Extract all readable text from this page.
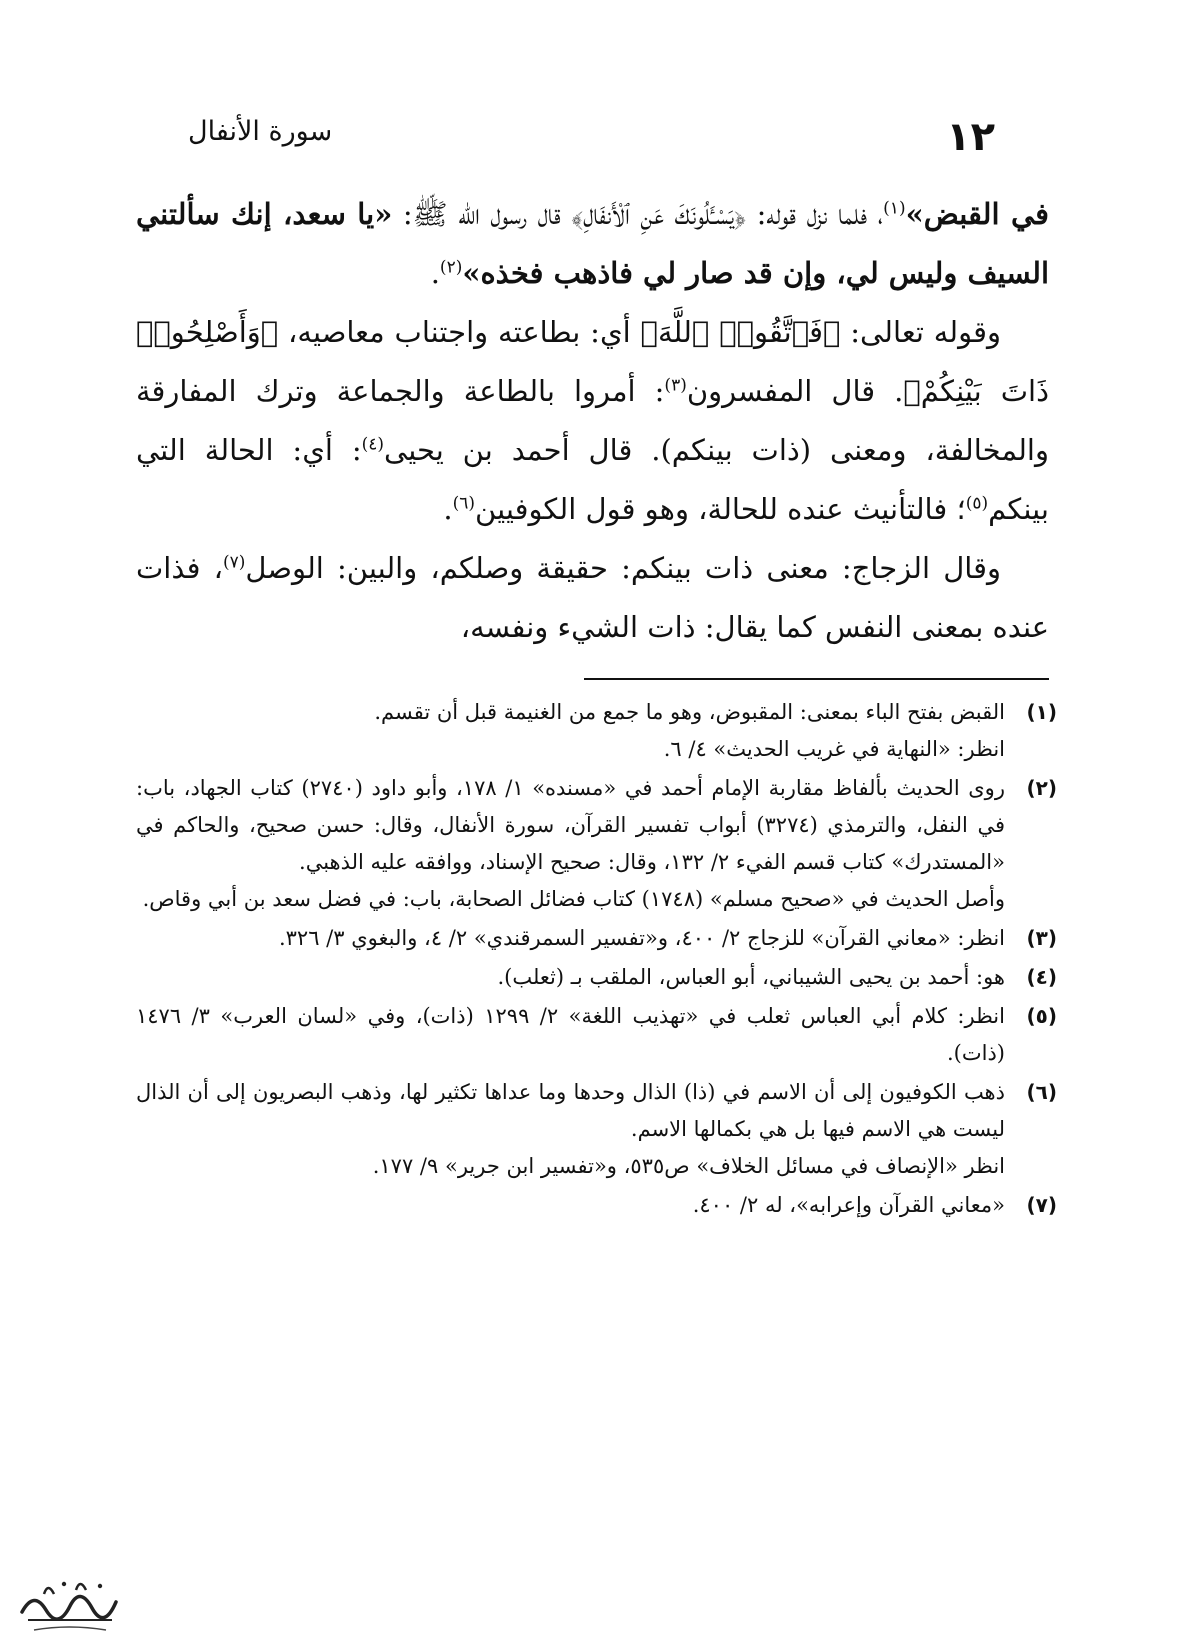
١٢
سورة الأنفال

في القبض»$^{(١)}$، فلما نزل قوله: ﴿يَسْـَٔلُونَكَ عَنِ ٱلْأَنفَالِ﴾ قال رسول الله ﷺ: «يا سعد، إنك سألتني السيف وليس لي، وإن قد صار لي فاذهب فخذه»$^{(٢)}$.

وقوله تعالى: ﴿فَٱتَّقُوا۟ ٱللَّهَ﴾ أي: بطاعته واجتناب معاصيه، ﴿وَأَصْلِحُوا۟ ذَاتَ بَيْنِكُمْ﴾. قال المفسرون$^{(٣)}$: أمروا بالطاعة والجماعة وترك المفارقة والمخالفة، ومعنى (ذات بينكم). قال أحمد بن يحيى$^{(٤)}$: أي: الحالة التي بينكم$^{(٥)}$؛ فالتأنيث عنده للحالة، وهو قول الكوفيين$^{(٦)}$.

وقال الزجاج: معنى ذات بينكم: حقيقة وصلكم، والبين: الوصل$^{(٧)}$، فذات عنده بمعنى النفس كما يقال: ذات الشيء ونفسه،

(١)
القبض بفتح الباء بمعنى: المقبوض، وهو ما جمع من الغنيمة قبل أن تقسم.
انظر: «النهاية في غريب الحديث» ٤/ ٦.
(٢)
روى الحديث بألفاظ مقاربة الإمام أحمد في «مسنده» ١/ ١٧٨، وأبو داود (٢٧٤٠) كتاب الجهاد، باب: في النفل، والترمذي (٣٢٧٤) أبواب تفسير القرآن، سورة الأنفال، وقال: حسن صحيح، والحاكم في «المستدرك» كتاب قسم الفيء ٢/ ١٣٢، وقال: صحيح الإسناد، ووافقه عليه الذهبي.
وأصل الحديث في «صحيح مسلم» (١٧٤٨) كتاب فضائل الصحابة، باب: في فضل سعد بن أبي وقاص.
(٣)
انظر: «معاني القرآن» للزجاج ٢/ ٤٠٠، و«تفسير السمرقندي» ٢/ ٤، والبغوي ٣/ ٣٢٦.
(٤)
هو: أحمد بن يحيى الشيباني، أبو العباس، الملقب بـ (ثعلب).
(٥)
انظر: كلام أبي العباس ثعلب في «تهذيب اللغة» ٢/ ١٢٩٩ (ذات)، وفي «لسان العرب» ٣/ ١٤٧٦ (ذات).
(٦)
ذهب الكوفيون إلى أن الاسم في (ذا) الذال وحدها وما عداها تكثير لها، وذهب البصريون إلى أن الذال ليست هي الاسم فيها بل هي بكمالها الاسم.
انظر «الإنصاف في مسائل الخلاف» ص٥٣٥، و«تفسير ابن جرير» ٩/ ١٧٧.
(٧)
«معاني القرآن وإعرابه»، له ٢/ ٤٠٠.
